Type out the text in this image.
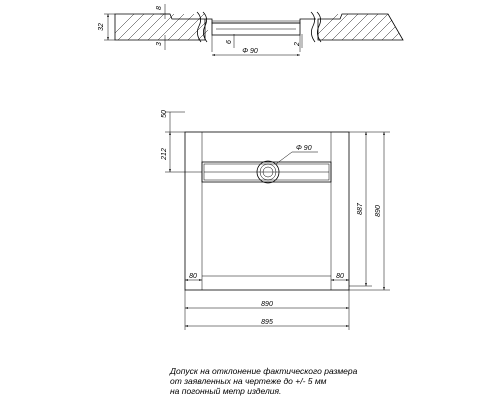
32
8
3
6
2
Φ 90
50
212	Φ 90
887 890
80	80
890
895
Допуск на отклонение фактического размера
от заявленных на чертеже до +/- 5 мм
на погонный метр изделия.
